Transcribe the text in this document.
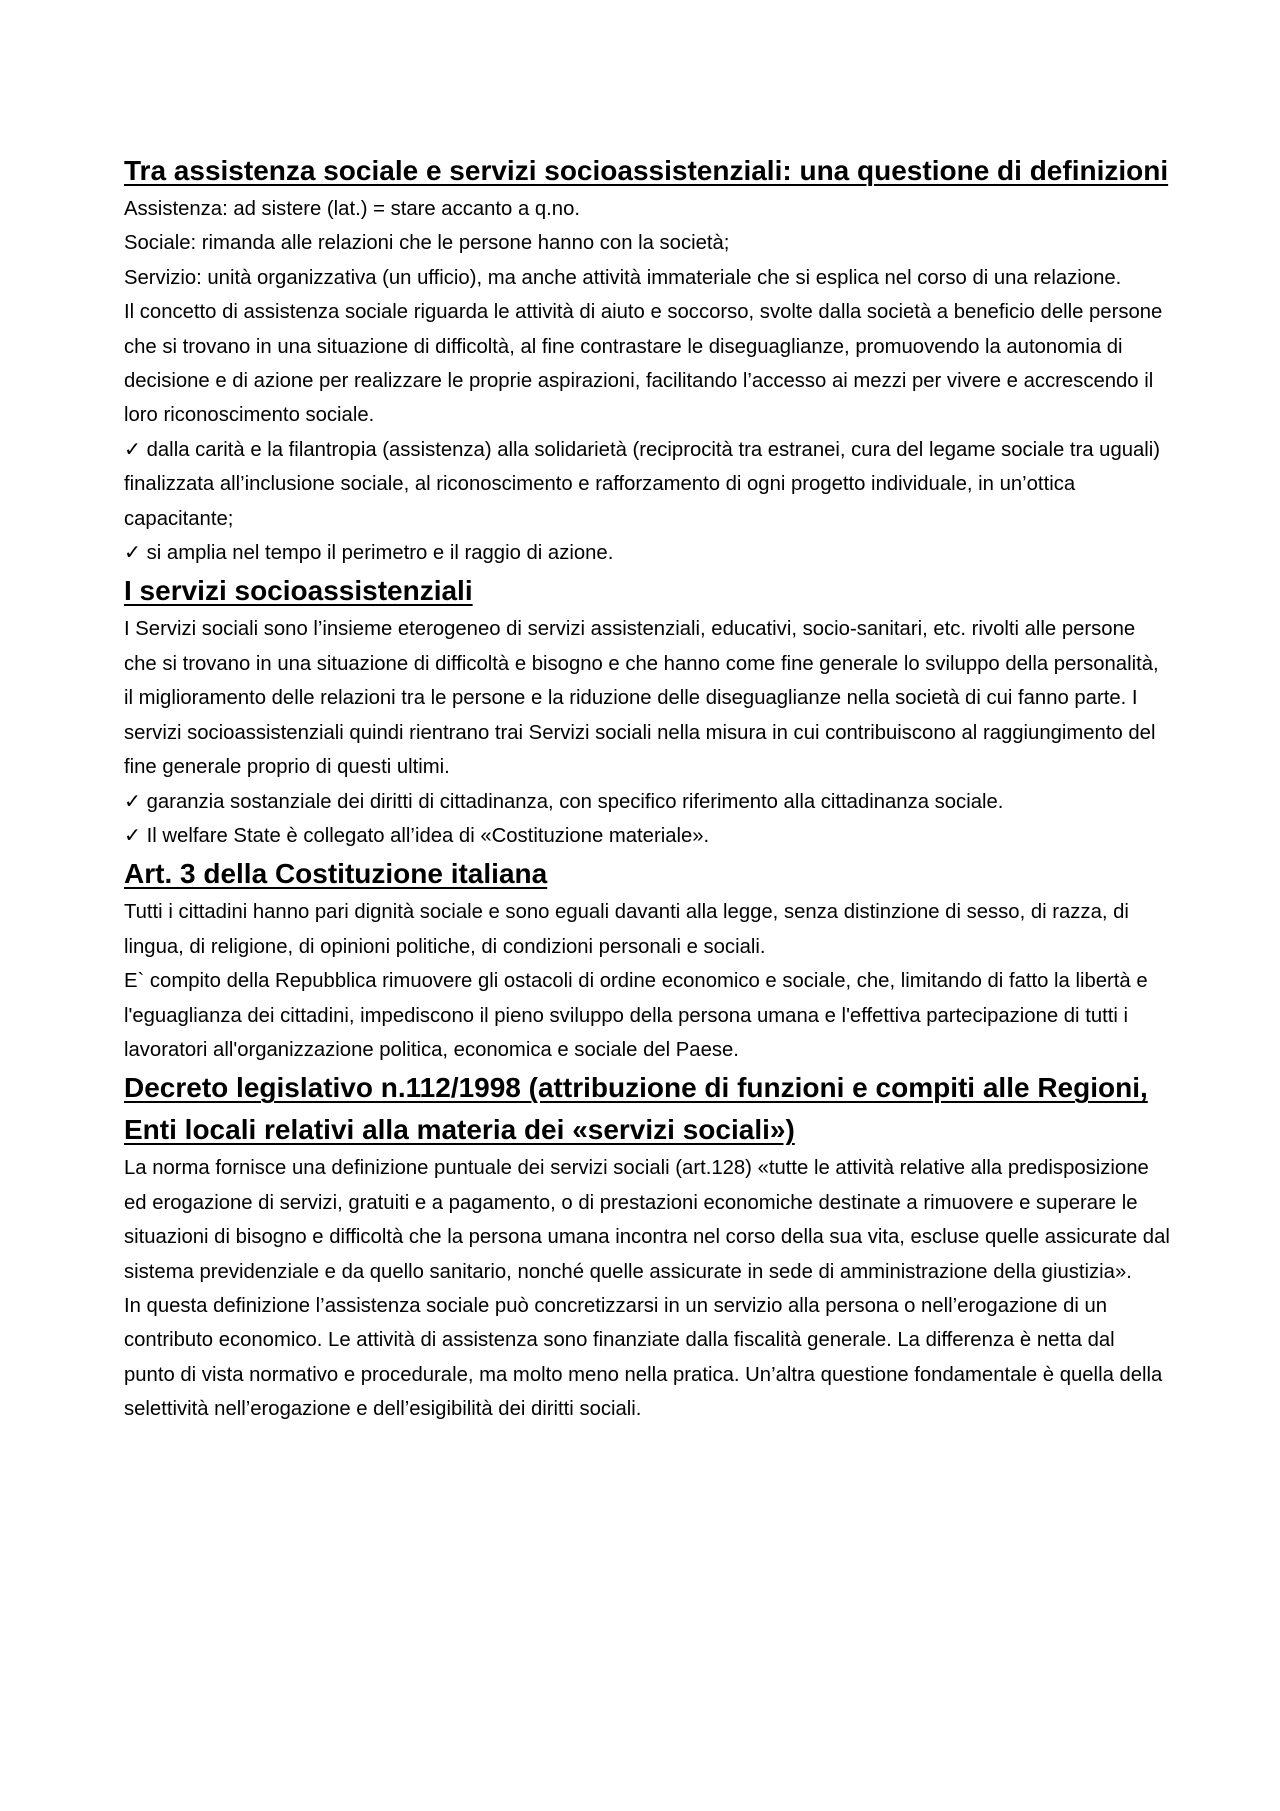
Tra assistenza sociale e servizi socioassistenziali: una questione di definizioni

Assistenza: ad sistere (lat.) = stare accanto a q.no.

Sociale: rimanda alle relazioni che le persone hanno con la società;

Servizio: unità organizzativa (un ufficio), ma anche attività immateriale che si esplica nel corso di una relazione.

Il concetto di assistenza sociale riguarda le attività di aiuto e soccorso, svolte dalla società a beneficio delle persone che si trovano in una situazione di difficoltà, al fine contrastare le diseguaglianze, promuovendo la autonomia di decisione e di azione per realizzare le proprie aspirazioni, facilitando l’accesso ai mezzi per vivere e accrescendo il loro riconoscimento sociale.

✓ dalla carità e la filantropia (assistenza) alla solidarietà (reciprocità tra estranei, cura del legame sociale tra uguali) finalizzata all’inclusione sociale, al riconoscimento e rafforzamento di ogni progetto individuale, in un’ottica capacitante;

✓ si amplia nel tempo il perimetro e il raggio di azione.

I servizi socioassistenziali

I Servizi sociali sono l’insieme eterogeneo di servizi assistenziali, educativi, socio-sanitari, etc. rivolti alle persone che si trovano in una situazione di difficoltà e bisogno e che hanno come fine generale lo sviluppo della personalità, il miglioramento delle relazioni tra le persone e la riduzione delle diseguaglianze nella società di cui fanno parte. I servizi socioassistenziali quindi rientrano trai Servizi sociali nella misura in cui contribuiscono al raggiungimento del fine generale proprio di questi ultimi.

✓ garanzia sostanziale dei diritti di cittadinanza, con specifico riferimento alla cittadinanza sociale.

✓ Il welfare State è collegato all’idea di «Costituzione materiale».

Art. 3 della Costituzione italiana

Tutti i cittadini hanno pari dignità sociale e sono eguali davanti alla legge, senza distinzione di sesso, di razza, di lingua, di religione, di opinioni politiche, di condizioni personali e sociali.

E` compito della Repubblica rimuovere gli ostacoli di ordine economico e sociale, che, limitando di fatto la libertà e l'eguaglianza dei cittadini, impediscono il pieno sviluppo della persona umana e l'effettiva partecipazione di tutti i lavoratori all'organizzazione politica, economica e sociale del Paese.

Decreto legislativo n.112/1998 (attribuzione di funzioni e compiti alle Regioni, Enti locali relativi alla materia dei «servizi sociali»)

La norma fornisce una definizione puntuale dei servizi sociali (art.128) «tutte le attività relative alla predisposizione ed erogazione di servizi, gratuiti e a pagamento, o di prestazioni economiche destinate a rimuovere e superare le situazioni di bisogno e difficoltà che la persona umana incontra nel corso della sua vita, escluse quelle assicurate dal sistema previdenziale e da quello sanitario, nonché quelle assicurate in sede di amministrazione della giustizia».

In questa definizione l’assistenza sociale può concretizzarsi in un servizio alla persona o nell’erogazione di un contributo economico. Le attività di assistenza sono finanziate dalla fiscalità generale. La differenza è netta dal punto di vista normativo e procedurale, ma molto meno nella pratica. Un’altra questione fondamentale è quella della selettività nell’erogazione e dell’esigibilità dei diritti sociali.
